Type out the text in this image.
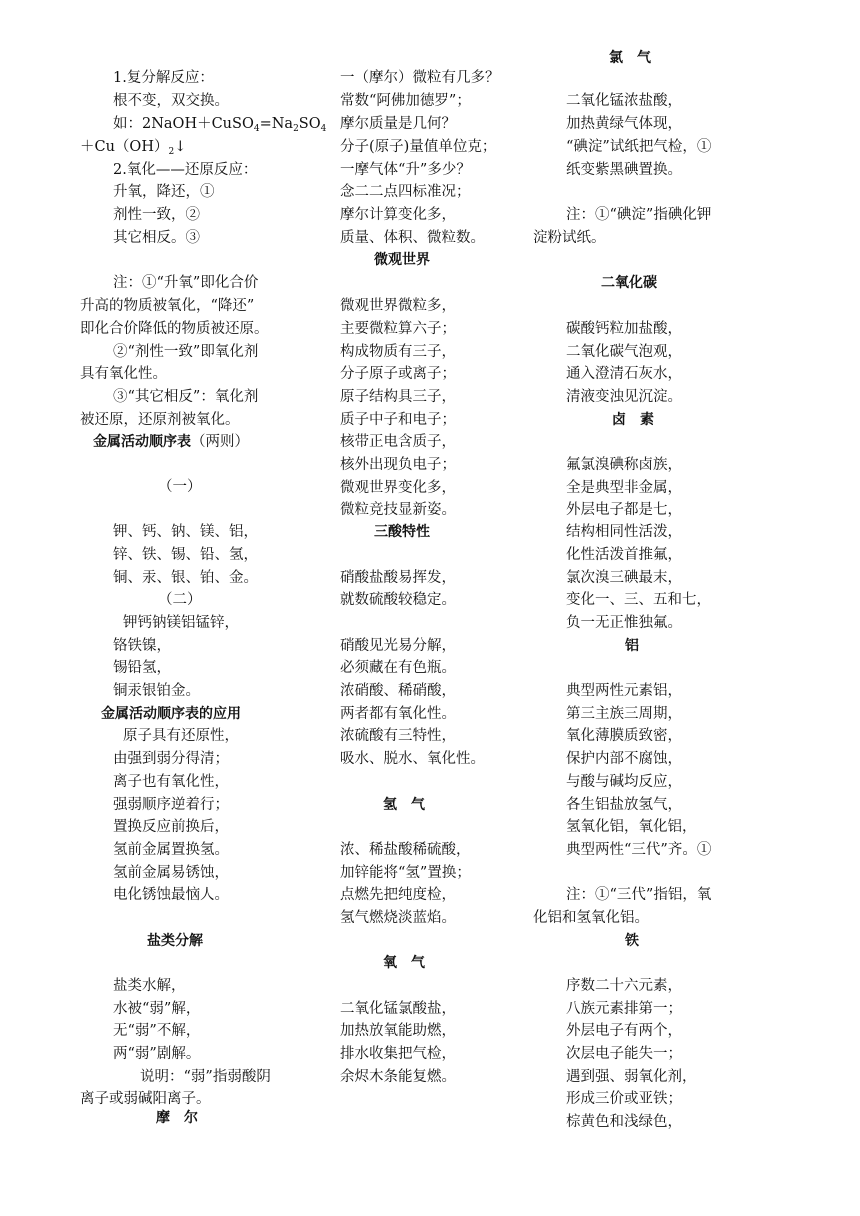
1.复分解反应：
根不变，双交换。
如：$2NaOH+CuSO_4=Na_2SO_4$
$+Cu(OH)_2↓$
2.氧化——还原反应：
升氧，降还，①
剂性一致，②
其它相反。③
注：①“升氧”即化合价
升高的物质被氧化，“降还”
即化合价降低的物质被还原。
②“剂性一致”即氧化剂
具有氧化性。
③“其它相反”：氧化剂
被还原，还原剂被氧化。
金属活动顺序表（两则）
（一）
钾、钙、钠、镁、铝，
锌、铁、锡、铅、氢，
铜、汞、银、铂、金。
（二）
钾钙钠镁铝锰锌，
铬铁镍，
锡铅氢，
铜汞银铂金。
金属活动顺序表的应用
原子具有还原性，
由强到弱分得清；
离子也有氧化性，
强弱顺序逆着行；
置换反应前换后，
氢前金属置换氢。
氢前金属易锈蚀，
电化锈蚀最恼人。
盐类分解
盐类水解，
水被“弱”解，
无“弱”不解，
两“弱”剧解。
说明：“弱”指弱酸阴
离子或弱碱阳离子。
摩　尔
一（摩尔）微粒有几多？
常数“阿佛加德罗”；
摩尔质量是几何？
分子(原子)量值单位克；
一摩气体“升”多少？
念二二点四标准况；
摩尔计算变化多，
质量、体积、微粒数。
微观世界
微观世界微粒多，
主要微粒算六子；
构成物质有三子，
分子原子或离子；
原子结构具三子，
质子中子和电子；
核带正电含质子，
核外出现负电子；
微观世界变化多，
微粒竞技显新姿。
三酸特性
硝酸盐酸易挥发，
就数硫酸较稳定。
硝酸见光易分解，
必须藏在有色瓶。
浓硝酸、稀硝酸，
两者都有氧化性。
浓硫酸有三特性，
吸水、脱水、氧化性。
氢　气
浓、稀盐酸稀硫酸，
加锌能将“氢”置换；
点燃先把纯度检，
氢气燃烧淡蓝焰。
氧　气
二氧化锰氯酸盐，
加热放氧能助燃，
排水收集把气检，
余烬木条能复燃。
氯　气
二氧化锰浓盐酸，
加热黄绿气体现，
“碘淀”试纸把气检，①
纸变紫黑碘置换。
注：①“碘淀”指碘化钾
淀粉试纸。
二氧化碳
碳酸钙粒加盐酸，
二氧化碳气泡观，
通入澄清石灰水，
清液变浊见沉淀。
卤　素
氟氯溴碘称卤族，
全是典型非金属，
外层电子都是七，
结构相同性活泼，
化性活泼首推氟，
氯次溴三碘最末，
变化一、三、五和七，
负一无正惟独氟。
铝
典型两性元素铝，
第三主族三周期，
氧化薄膜质致密，
保护内部不腐蚀，
与酸与碱均反应，
各生铝盐放氢气，
氢氧化铝，氧化铝，
典型两性“三代”齐。①
注：①“三代”指铝，氧
化铝和氢氧化铝。
铁
序数二十六元素，
八族元素排第一；
外层电子有两个，
次层电子能失一；
遇到强、弱氧化剂，
形成三价或亚铁；
棕黄色和浅绿色，
